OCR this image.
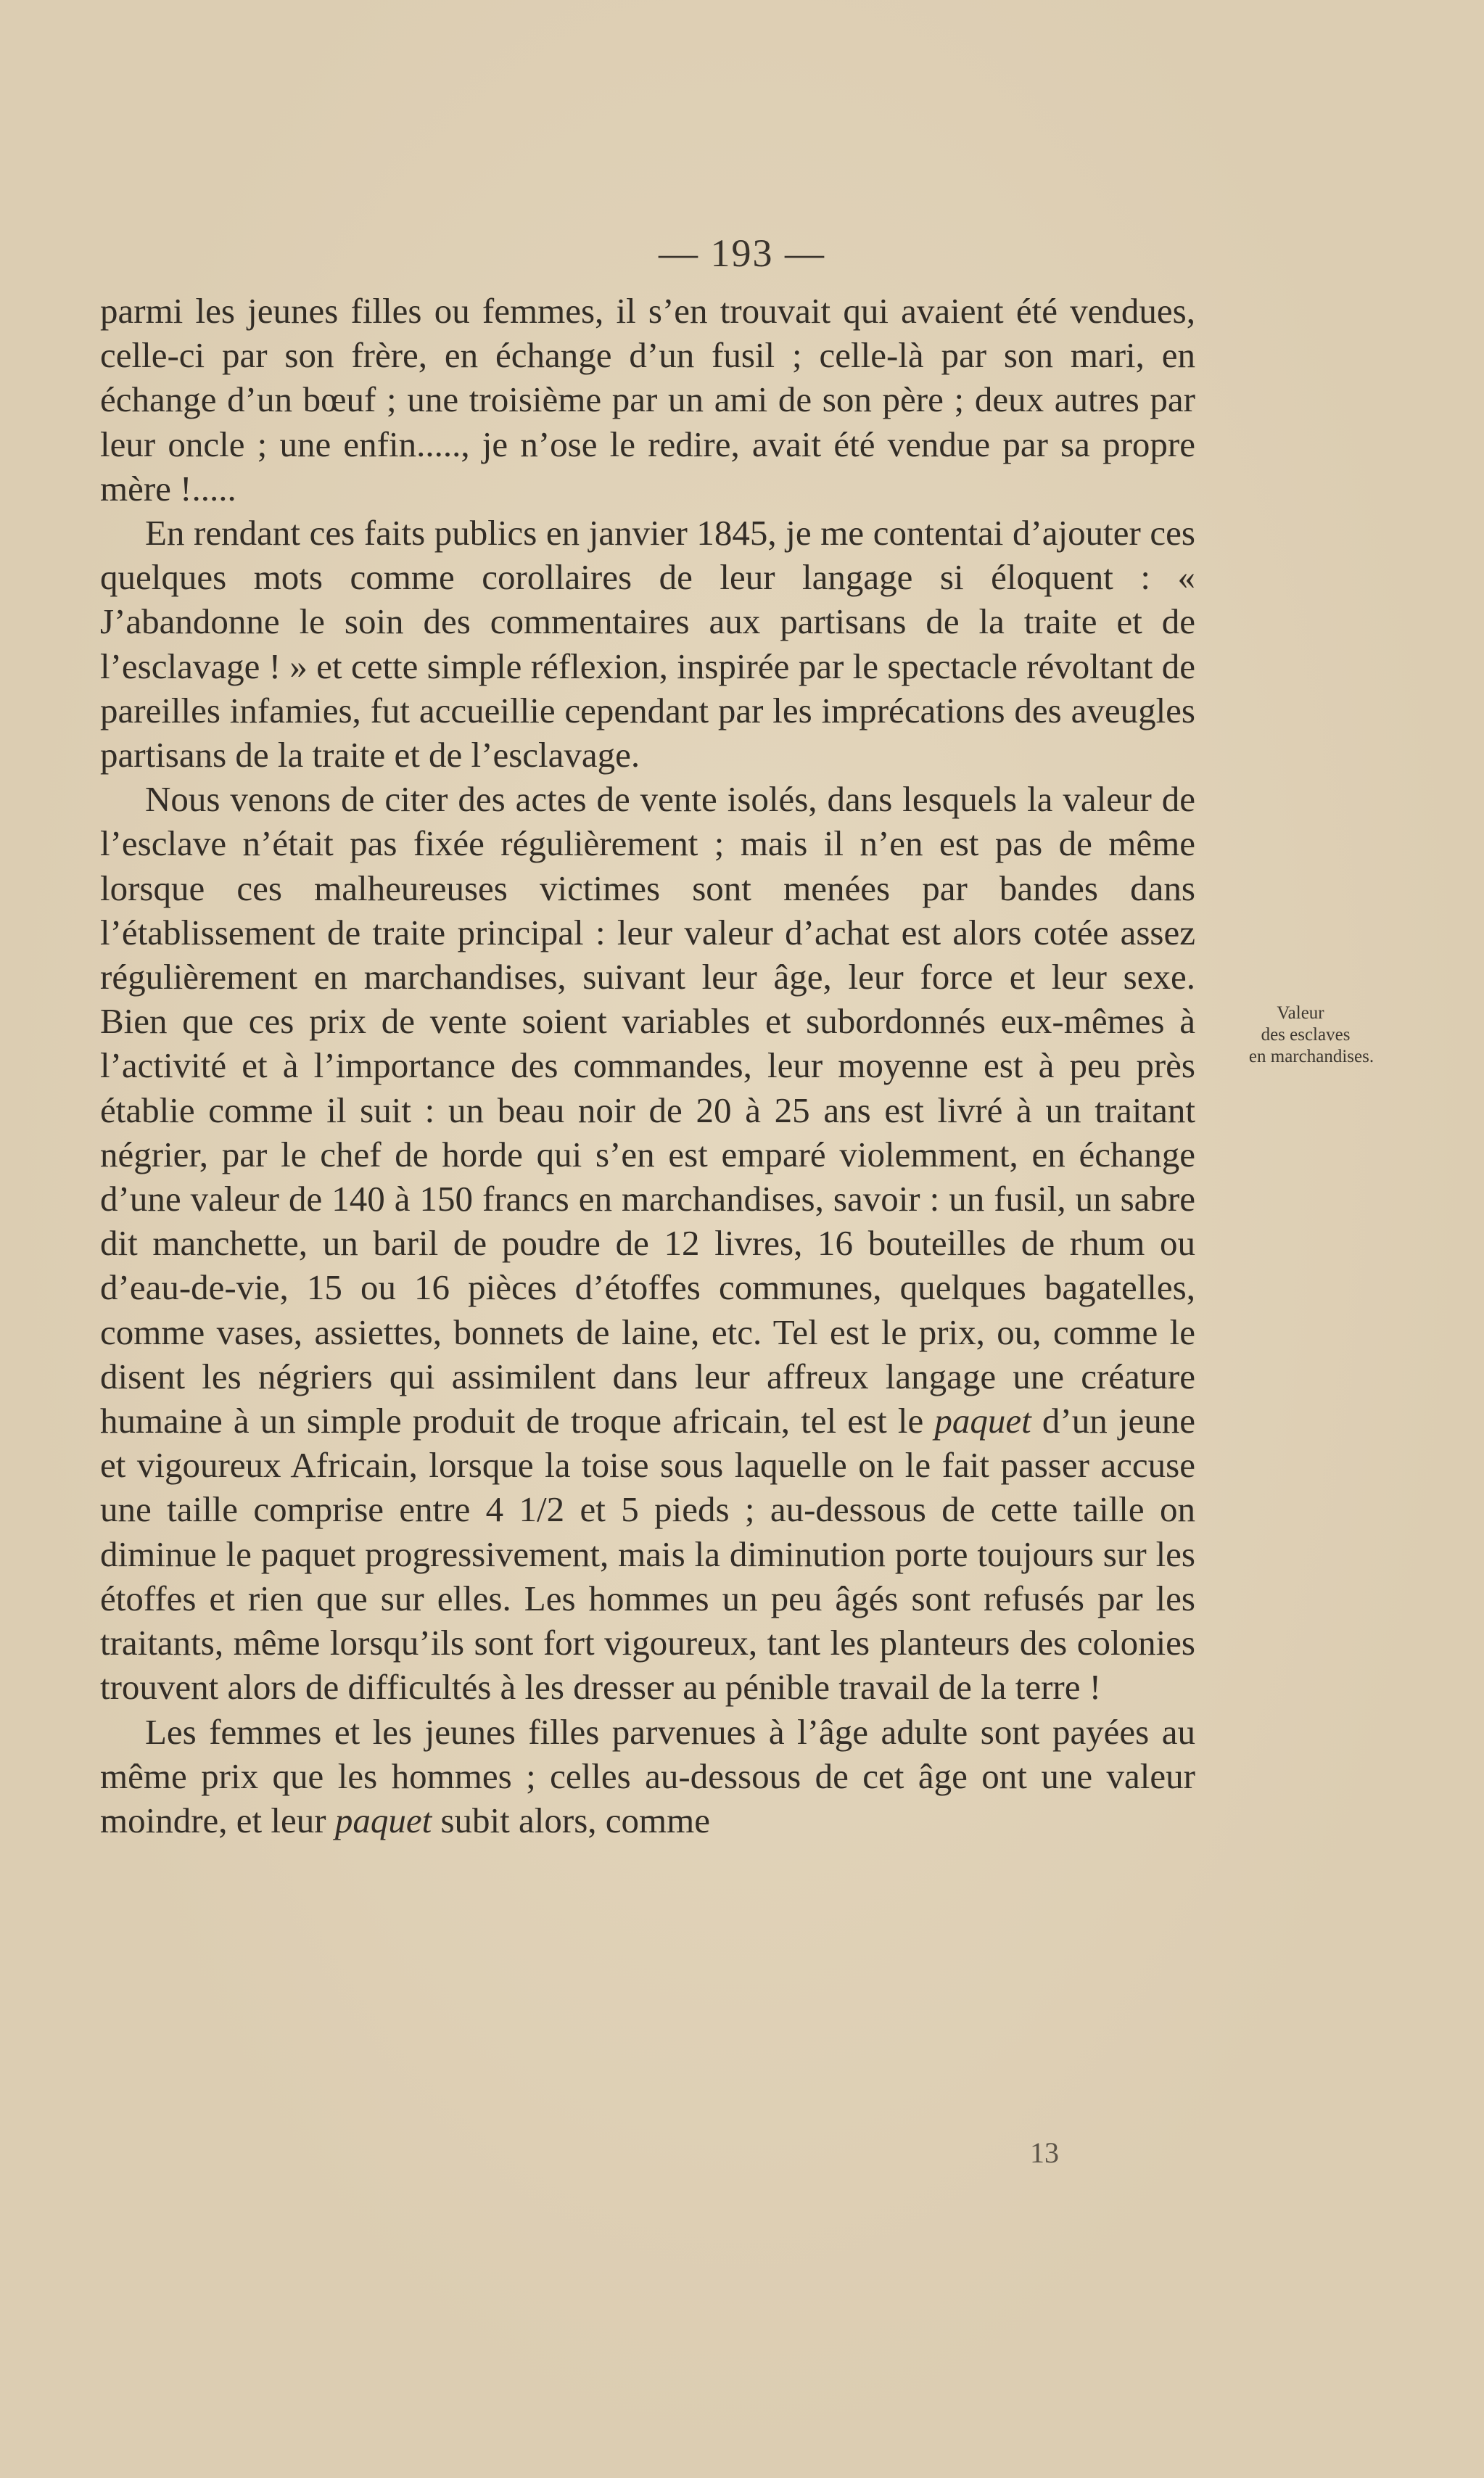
— 193 —

parmi les jeunes filles ou femmes, il s’en trouvait qui avaient été vendues, celle-ci par son frère, en échange d’un fusil ; celle-là par son mari, en échange d’un bœuf ; une troisième par un ami de son père ; deux autres par leur oncle ; une enfin....., je n’ose le redire, avait été vendue par sa propre mère !.....

En rendant ces faits publics en janvier 1845, je me contentai d’ajouter ces quelques mots comme corollaires de leur langage si éloquent : « J’abandonne le soin des commentaires aux partisans de la traite et de l’esclavage ! » et cette simple réflexion, inspirée par le spectacle révoltant de pareilles infamies, fut accueillie cependant par les imprécations des aveugles partisans de la traite et de l’esclavage.

Nous venons de citer des actes de vente isolés, dans lesquels la valeur de l’esclave n’était pas fixée régulièrement ; mais il n’en est pas de même lorsque ces malheureuses victimes sont menées par bandes dans l’établissement de traite principal : leur valeur d’achat est alors cotée assez régulièrement en marchandises, suivant leur âge, leur force et leur sexe. Bien que ces prix de vente soient variables et subordonnés eux-mêmes à l’activité et à l’importance des commandes, leur moyenne est à peu près établie comme il suit : un beau noir de 20 à 25 ans est livré à un traitant négrier, par le chef de horde qui s’en est emparé violemment, en échange d’une valeur de 140 à 150 francs en marchandises, savoir : un fusil, un sabre dit manchette, un baril de poudre de 12 livres, 16 bouteilles de rhum ou d’eau-de-vie, 15 ou 16 pièces d’étoffes communes, quelques bagatelles, comme vases, assiettes, bonnets de laine, etc. Tel est le prix, ou, comme le disent les négriers qui assimilent dans leur affreux langage une créature humaine à un simple produit de troque africain, tel est le paquet d’un jeune et vigoureux Africain, lorsque la toise sous laquelle on le fait passer accuse une taille comprise entre 4 1/2 et 5 pieds ; au-dessous de cette taille on diminue le paquet progressivement, mais la diminution porte toujours sur les étoffes et rien que sur elles. Les hommes un peu âgés sont refusés par les traitants, même lorsqu’ils sont fort vigoureux, tant les planteurs des colonies trouvent alors de difficultés à les dresser au pénible travail de la terre !

Les femmes et les jeunes filles parvenues à l’âge adulte sont payées au même prix que les hommes ; celles au-dessous de cet âge ont une valeur moindre, et leur paquet subit alors, comme

Valeur
des esclaves
en marchandises.
13
